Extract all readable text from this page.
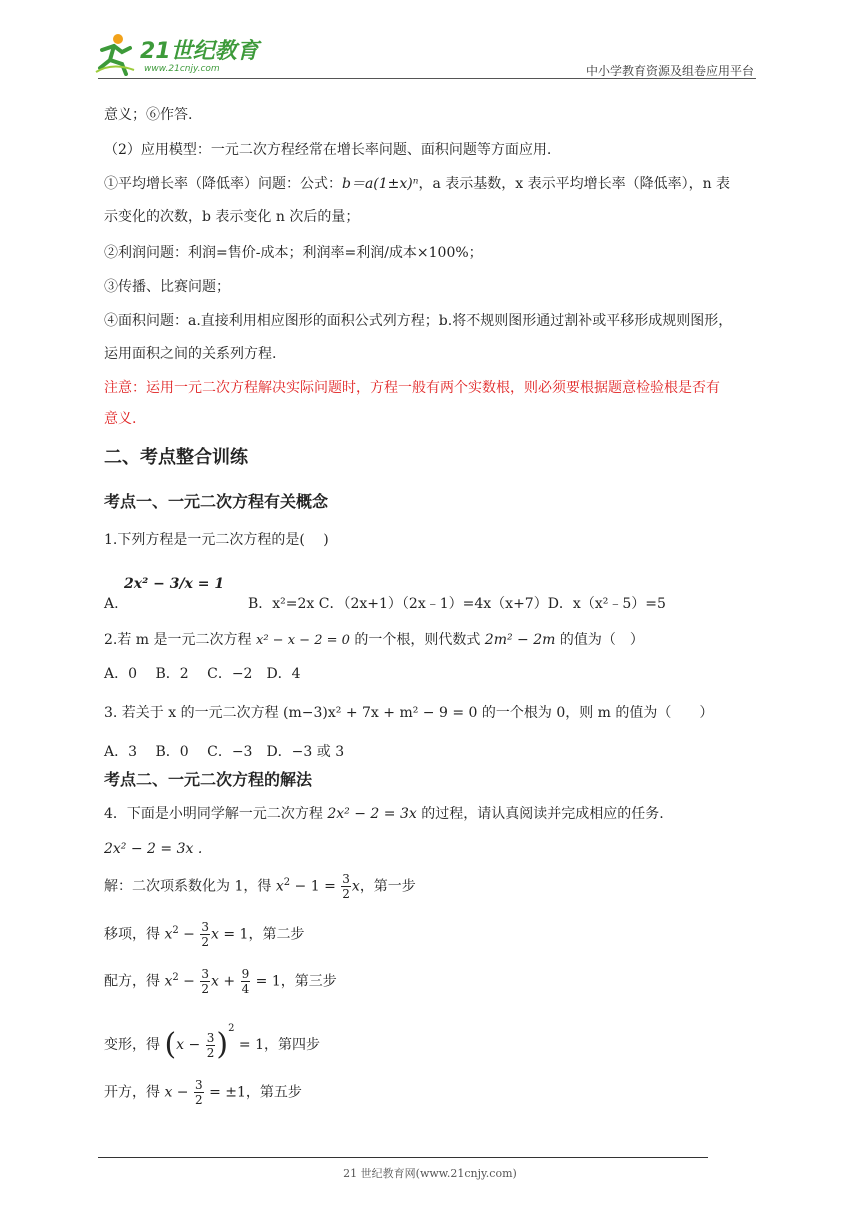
21世纪教育
www.21cnjy.com	中小学教育资源及组卷应用平台
意义；⑥作答.
（2）应用模型：一元二次方程经常在增长率问题、面积问题等方面应用.
①平均增长率（降低率）问题：公式：b＝a(1±x)ⁿ，a 表示基数，x 表示平均增长率（降低率），n 表
示变化的次数，b 表示变化 n 次后的量；
②利润问题：利润=售价-成本；利润率=利润/成本×100%；
③传播、比赛问题；
④面积问题：a.直接利用相应图形的面积公式列方程；b.将不规则图形通过割补或平移形成规则图形，
运用面积之间的关系列方程.
注意：运用一元二次方程解决实际问题时，方程一般有两个实数根，则必须要根据题意检验根是否有
意义.
二、考点整合训练
考点一、一元二次方程有关概念
1.下列方程是一元二次方程的是(　 )
A.
2x² − 3/x = 1
B．x²=2x C．（2x+1）（2x﹣1）=4x（x+7）D．x（x²﹣5）=5
2.若 m 是一元二次方程 x² − x − 2 = 0 的一个根，则代数式 2m² − 2m 的值为（　）
A．0　 B．2　 C．−2　D．4
3. 若关于 x 的一元二次方程 (m−3)x² + 7x + m² − 9 = 0 的一个根为 0，则 m 的值为（　　）
A．3　 B．0　 C．−3　D．−3 或 3
考点二、一元二次方程的解法
4．下面是小明同学解一元二次方程 2x² − 2 = 3x 的过程，请认真阅读并完成相应的任务.
2x² − 2 = 3x .
解：二次项系数化为 1，得 $x^2 - 1 = \frac{3}{2}$ x，第一步
移项，得 $x^2 - \frac{3}{2}$ x = 1，第二步
配方，得 $x^2 - \frac{3}{2}$ $x + \frac{9}{4} = 1$，第三步
变形，得 $(x - \frac{3}{2} )^2 = 1$，第四步
开方，得 $x - \frac{3}{2} = \pm 1$，第五步
21 世纪教育网(www.21cnjy.com)
